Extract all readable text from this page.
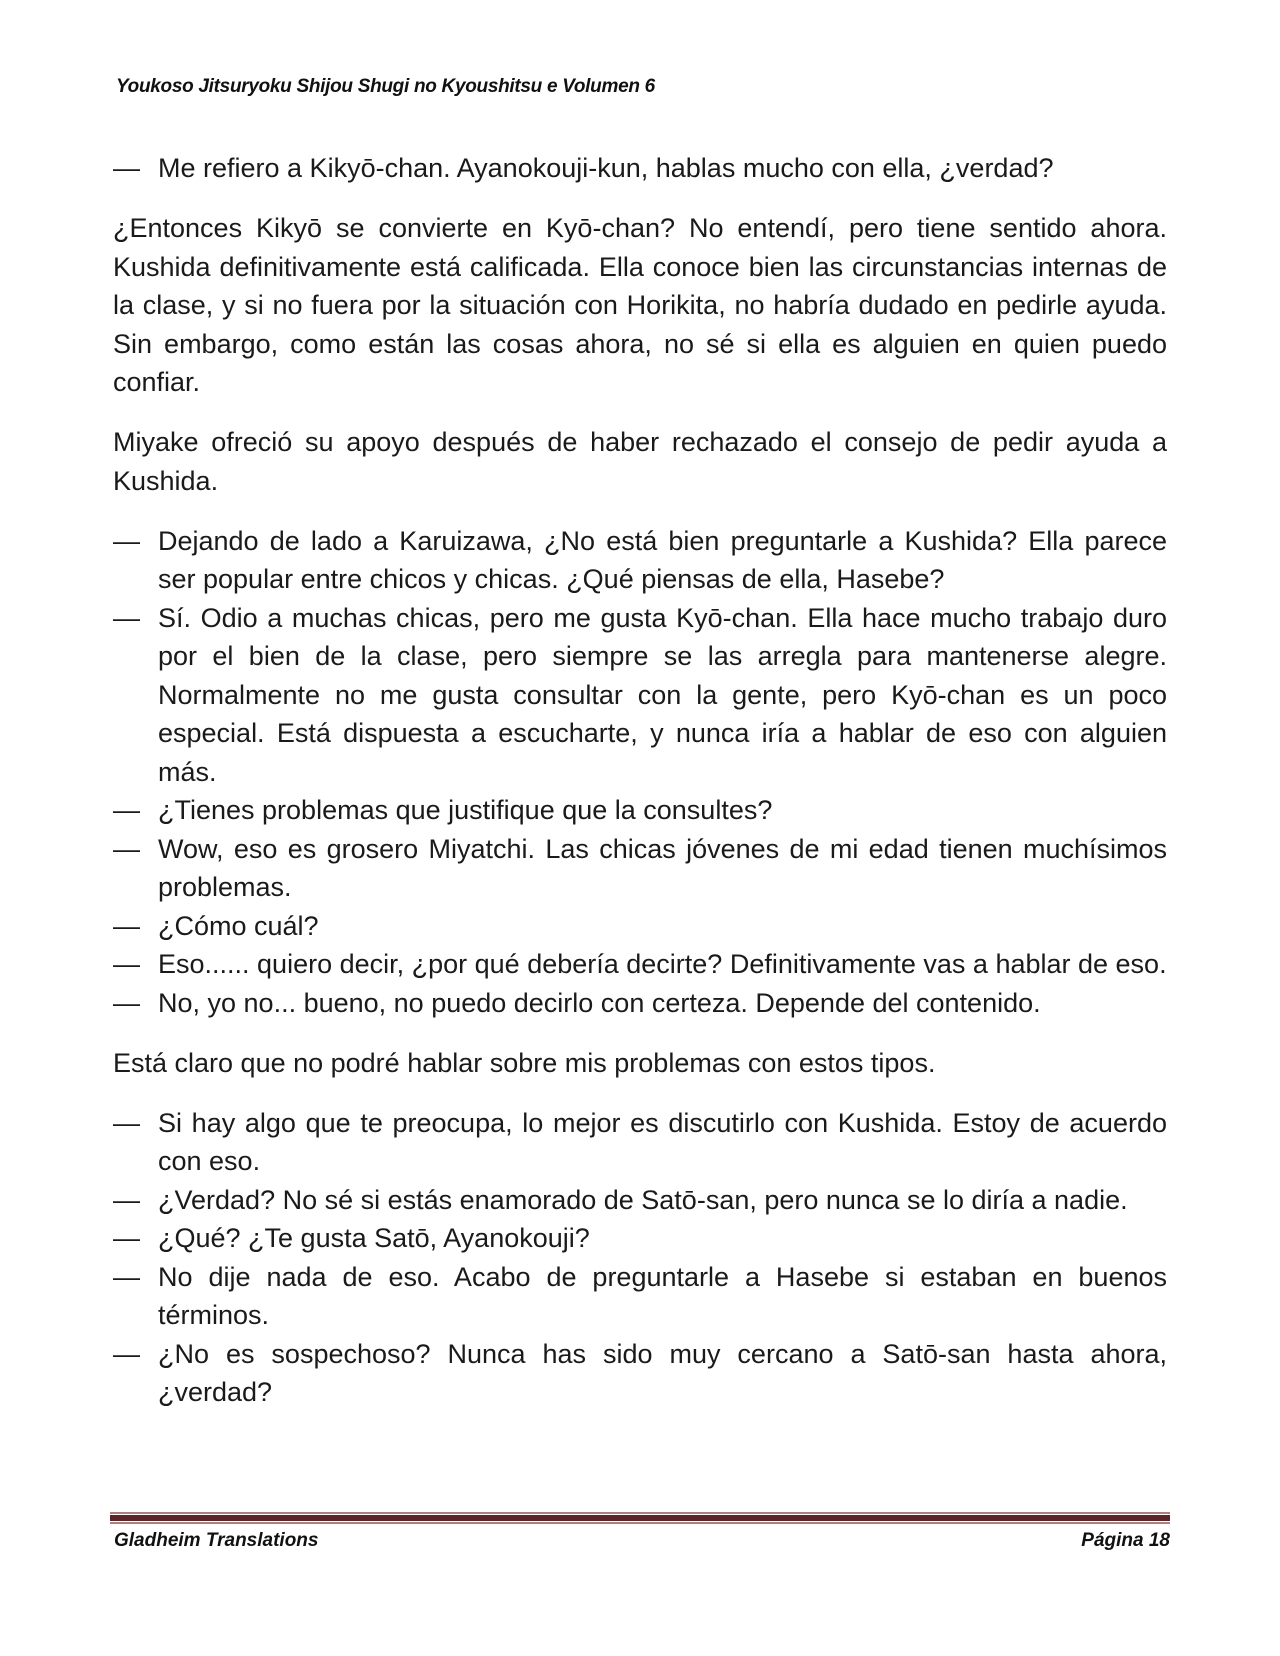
Youkoso Jitsuryoku Shijou Shugi no Kyoushitsu e Volumen 6

— Me refiero a Kikyō-chan. Ayanokouji-kun, hablas mucho con ella, ¿verdad?

¿Entonces Kikyō se convierte en Kyō-chan? No entendí, pero tiene sentido ahora. Kushida definitivamente está calificada. Ella conoce bien las circunstancias internas de la clase, y si no fuera por la situación con Horikita, no habría dudado en pedirle ayuda. Sin embargo, como están las cosas ahora, no sé si ella es alguien en quien puedo confiar.

Miyake ofreció su apoyo después de haber rechazado el consejo de pedir ayuda a Kushida.

— Dejando de lado a Karuizawa, ¿No está bien preguntarle a Kushida? Ella parece ser popular entre chicos y chicas. ¿Qué piensas de ella, Hasebe?

— Sí. Odio a muchas chicas, pero me gusta Kyō-chan. Ella hace mucho trabajo duro por el bien de la clase, pero siempre se las arregla para mantenerse alegre. Normalmente no me gusta consultar con la gente, pero Kyō-chan es un poco especial. Está dispuesta a escucharte, y nunca iría a hablar de eso con alguien más.

— ¿Tienes problemas que justifique que la consultes?

— Wow, eso es grosero Miyatchi. Las chicas jóvenes de mi edad tienen muchísimos problemas.

— ¿Cómo cuál?

— Eso...... quiero decir, ¿por qué debería decirte? Definitivamente vas a hablar de eso.

— No, yo no... bueno, no puedo decirlo con certeza. Depende del contenido.

Está claro que no podré hablar sobre mis problemas con estos tipos.

— Si hay algo que te preocupa, lo mejor es discutirlo con Kushida. Estoy de acuerdo con eso.

— ¿Verdad? No sé si estás enamorado de Satō-san, pero nunca se lo diría a nadie.

— ¿Qué? ¿Te gusta Satō, Ayanokouji?

— No dije nada de eso. Acabo de preguntarle a Hasebe si estaban en buenos términos.

— ¿No es sospechoso? Nunca has sido muy cercano a Satō-san hasta ahora, ¿verdad?

Gladheim Translations	Página 18
